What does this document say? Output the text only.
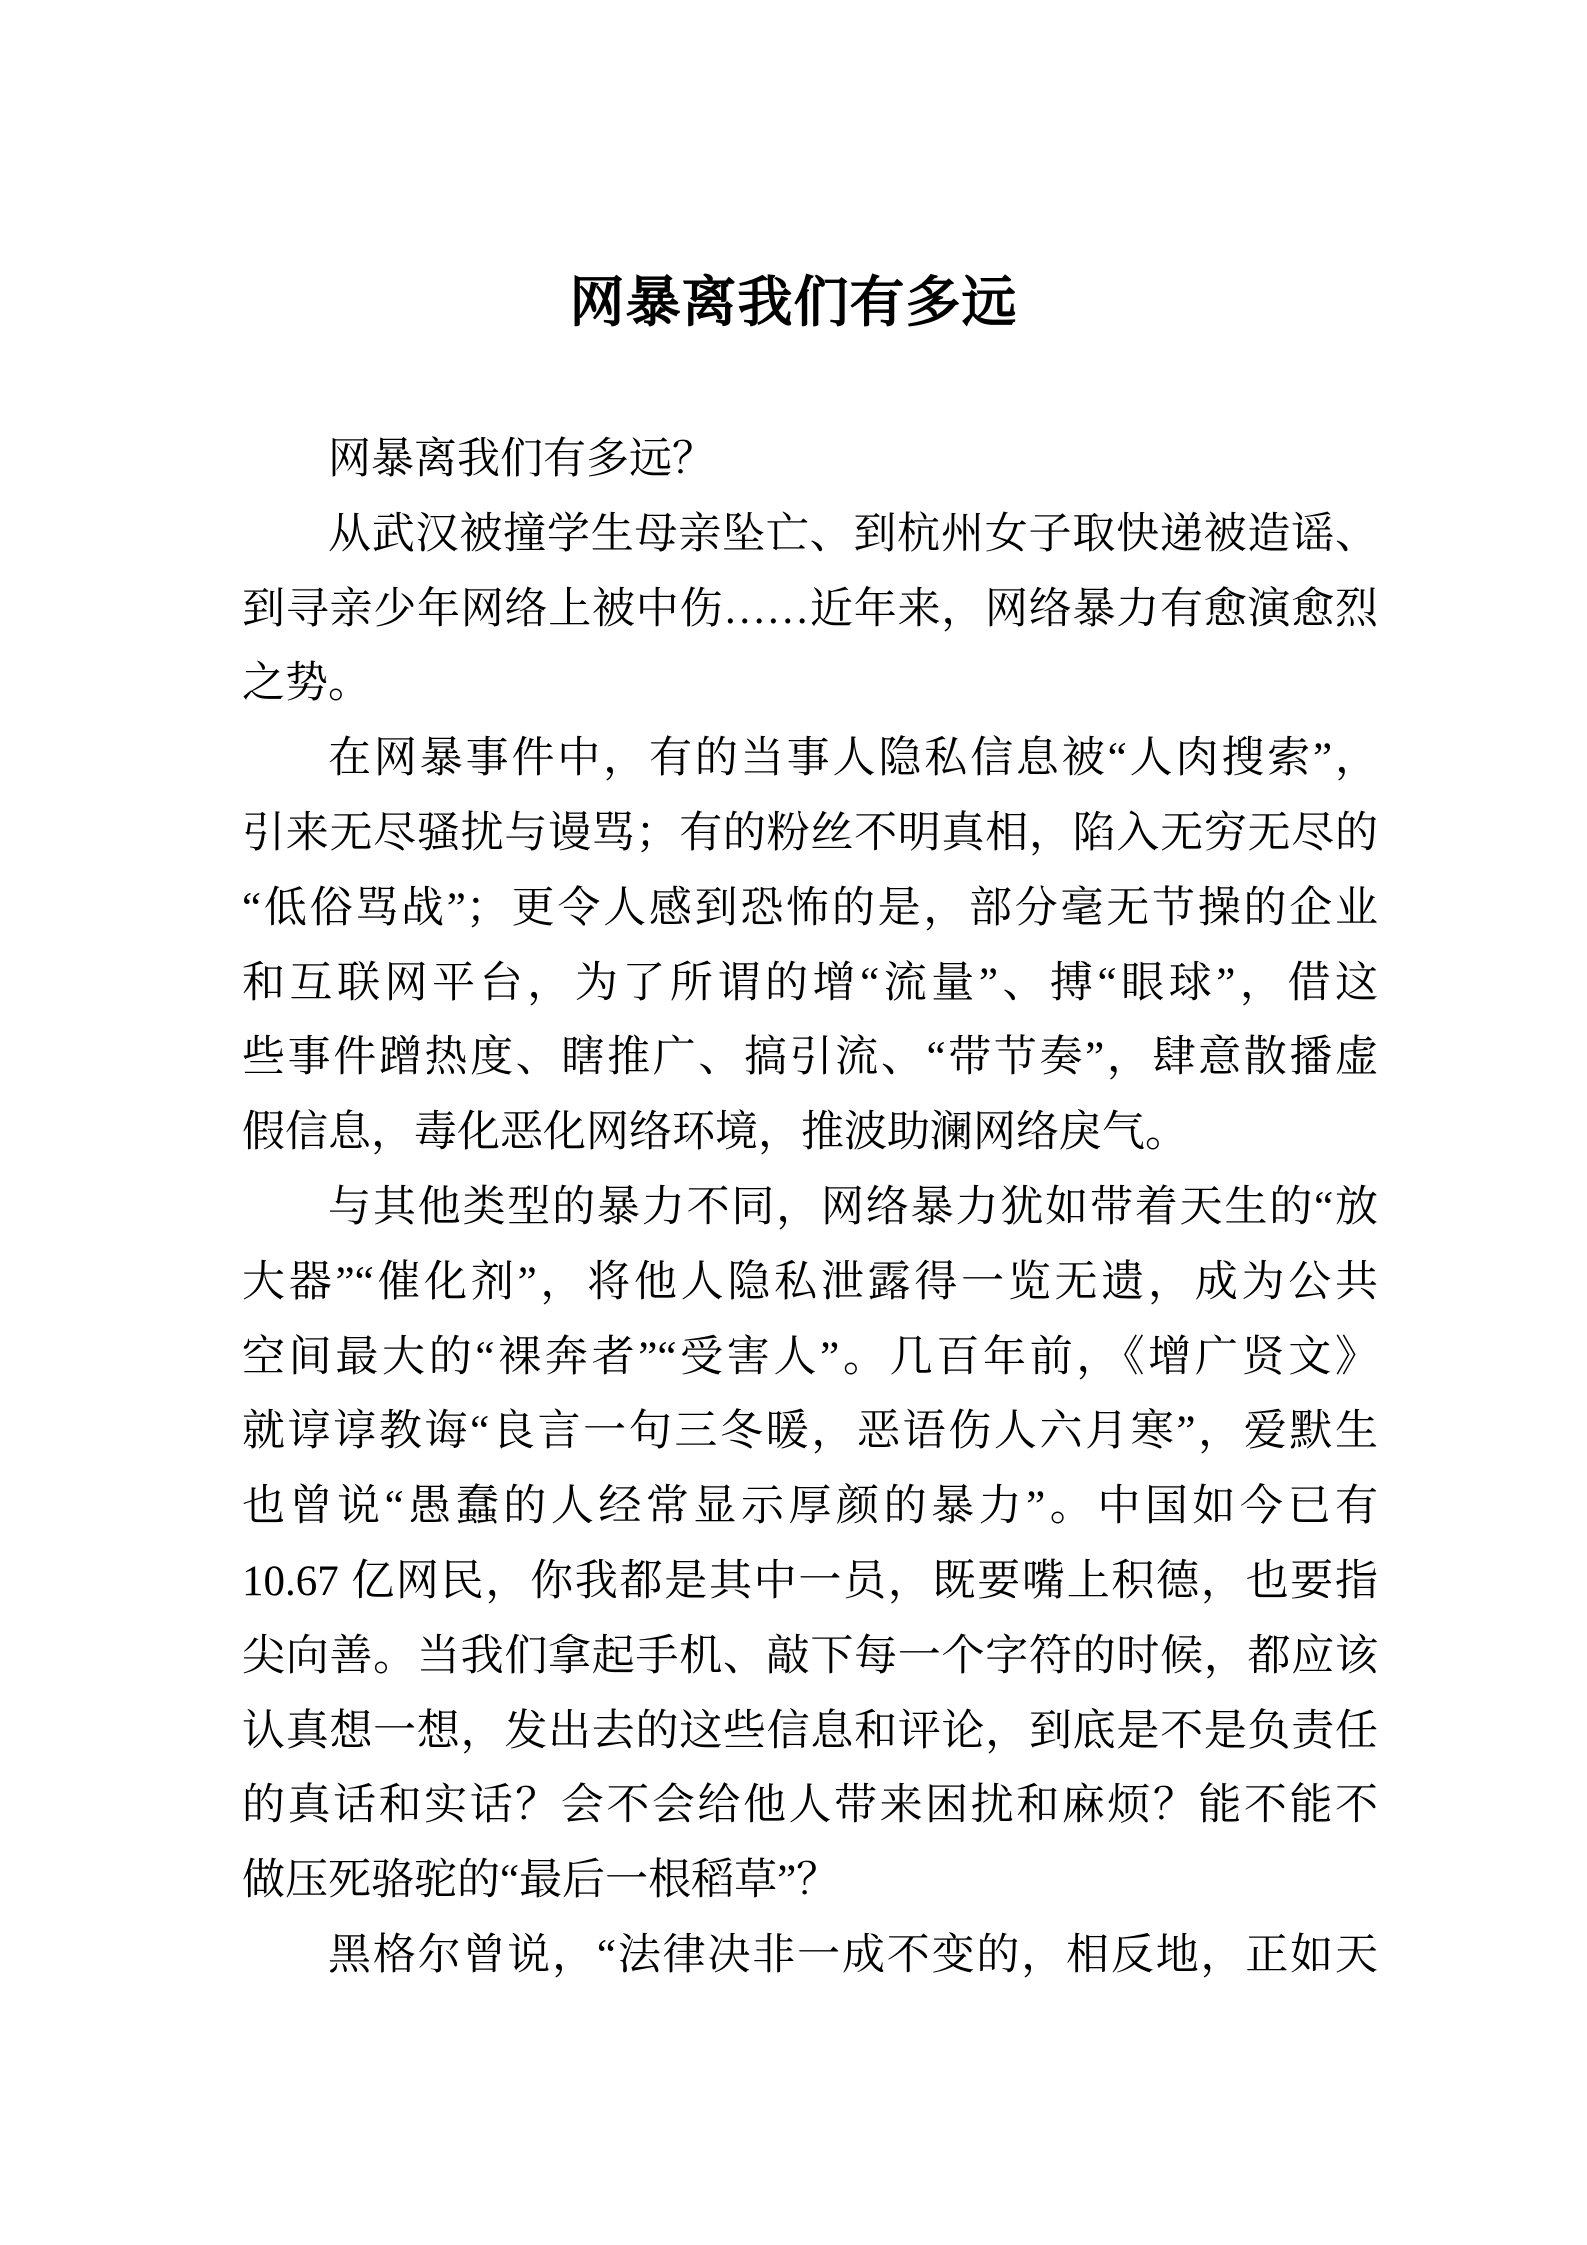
网暴离我们有多远
网暴离我们有多远？
从武汉被撞学生母亲坠亡、到杭州女子取快递被造谣、
到寻亲少年网络上被中伤……近年来，网络暴力有愈演愈烈
之势。
在网暴事件中，有的当事人隐私信息被“人肉搜索”，
引来无尽骚扰与谩骂；有的粉丝不明真相，陷入无穷无尽的
“低俗骂战”；更令人感到恐怖的是，部分毫无节操的企业
和互联网平台，为了所谓的增“流量”、搏“眼球”，借这
些事件蹭热度、瞎推广、搞引流、“带节奏”，肆意散播虚
假信息，毒化恶化网络环境，推波助澜网络戾气。
与其他类型的暴力不同，网络暴力犹如带着天生的“放
大器”“催化剂”，将他人隐私泄露得一览无遗，成为公共
空间最大的“裸奔者”“受害人”。几百年前，《增广贤文》
就谆谆教诲“良言一句三冬暖，恶语伤人六月寒”，爱默生
也曾说“愚蠢的人经常显示厚颜的暴力”。中国如今已有
10.67 亿网民，你我都是其中一员，既要嘴上积德，也要指
尖向善。当我们拿起手机、敲下每一个字符的时候，都应该
认真想一想，发出去的这些信息和评论，到底是不是负责任
的真话和实话？会不会给他人带来困扰和麻烦？能不能不
做压死骆驼的“最后一根稻草”？
黑格尔曾说，“法律决非一成不变的，相反地，正如天
